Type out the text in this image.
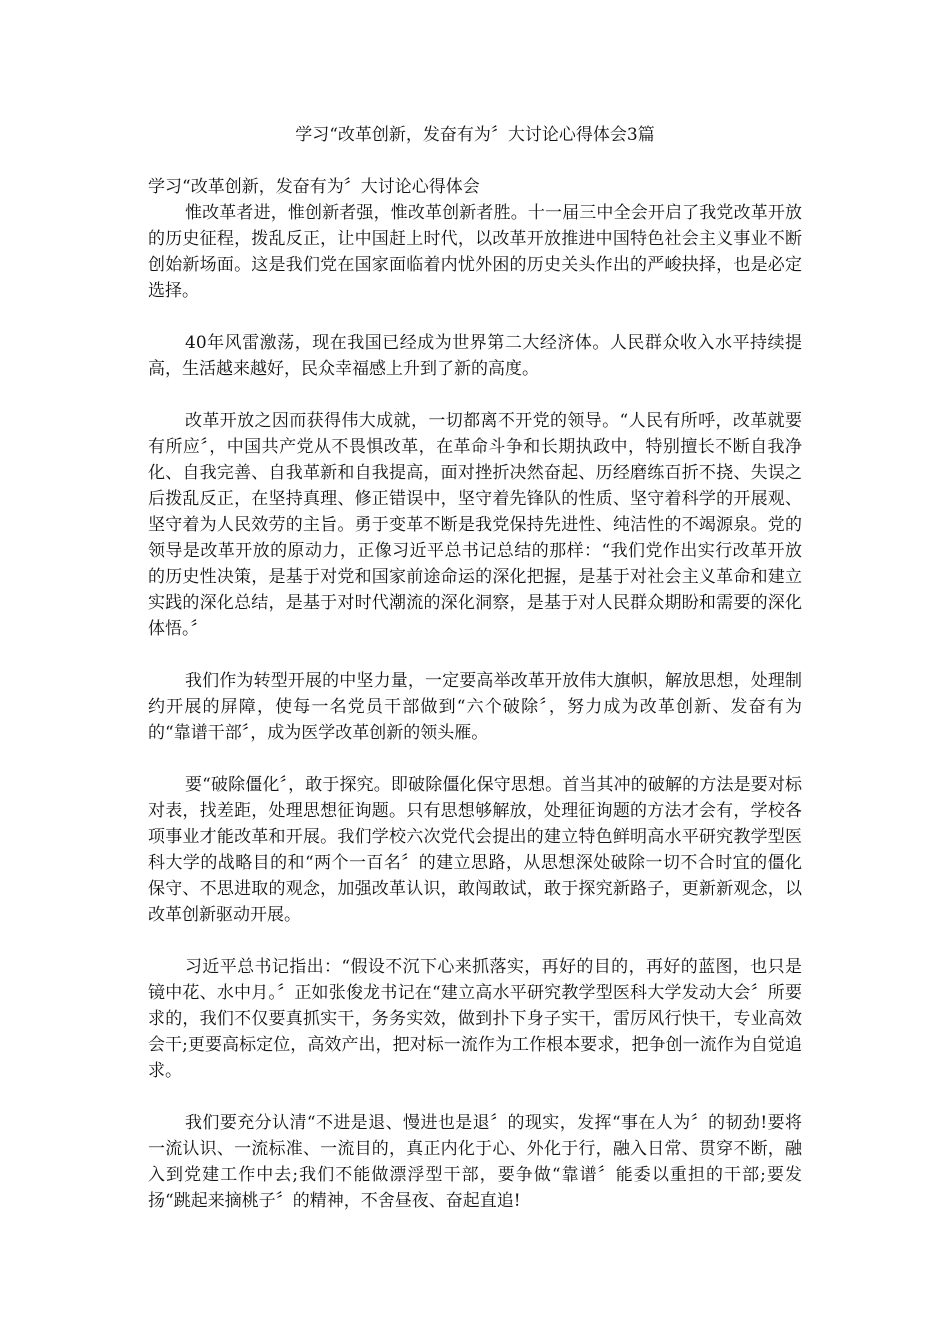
学习“改革创新，发奋有为〞大讨论心得体会3篇
学习“改革创新，发奋有为〞大讨论心得体会

惟改革者进，惟创新者强，惟改革创新者胜。十一届三中全会开启了我党改革开放的历史征程，拨乱反正，让中国赶上时代，以改革开放推进中国特色社会主义事业不断创始新场面。这是我们党在国家面临着内忧外困的历史关头作出的严峻抉择，也是必定选择。

40年风雷激荡，现在我国已经成为世界第二大经济体。人民群众收入水平持续提高，生活越来越好，民众幸福感上升到了新的高度。

改革开放之因而获得伟大成就，一切都离不开党的领导。“人民有所呼，改革就要有所应〞，中国共产党从不畏惧改革，在革命斗争和长期执政中，特别擅长不断自我净化、自我完善、自我革新和自我提高，面对挫折决然奋起、历经磨练百折不挠、失误之后拨乱反正，在坚持真理、修正错误中，坚守着先锋队的性质、坚守着科学的开展观、坚守着为人民效劳的主旨。勇于变革不断是我党保持先进性、纯洁性的不竭源泉。党的领导是改革开放的原动力，正像习近平总书记总结的那样：“我们党作出实行改革开放的历史性决策，是基于对党和国家前途命运的深化把握，是基于对社会主义革命和建立实践的深化总结，是基于对时代潮流的深化洞察，是基于对人民群众期盼和需要的深化体悟。〞

我们作为转型开展的中坚力量，一定要高举改革开放伟大旗帜，解放思想，处理制约开展的屏障，使每一名党员干部做到“六个破除〞，努力成为改革创新、发奋有为的“靠谱干部〞，成为医学改革创新的领头雁。

要“破除僵化〞，敢于探究。即破除僵化保守思想。首当其冲的破解的方法是要对标对表，找差距，处理思想征询题。只有思想够解放，处理征询题的方法才会有，学校各项事业才能改革和开展。我们学校六次党代会提出的建立特色鲜明高水平研究教学型医科大学的战略目的和“两个一百名〞的建立思路，从思想深处破除一切不合时宜的僵化保守、不思进取的观念，加强改革认识，敢闯敢试，敢于探究新路子，更新新观念，以改革创新驱动开展。

习近平总书记指出：“假设不沉下心来抓落实，再好的目的，再好的蓝图，也只是镜中花、水中月。〞正如张俊龙书记在“建立高水平研究教学型医科大学发动大会〞所要求的，我们不仅要真抓实干，务务实效，做到扑下身子实干，雷厉风行快干，专业高效会干;更要高标定位，高效产出，把对标一流作为工作根本要求，把争创一流作为自觉追求。

我们要充分认清“不进是退、慢进也是退〞的现实，发挥“事在人为〞的韧劲!要将一流认识、一流标准、一流目的，真正内化于心、外化于行，融入日常、贯穿不断，融入到党建工作中去;我们不能做漂浮型干部，要争做“靠谱〞能委以重担的干部;要发扬“跳起来摘桃子〞的精神，不舍昼夜、奋起直追!
